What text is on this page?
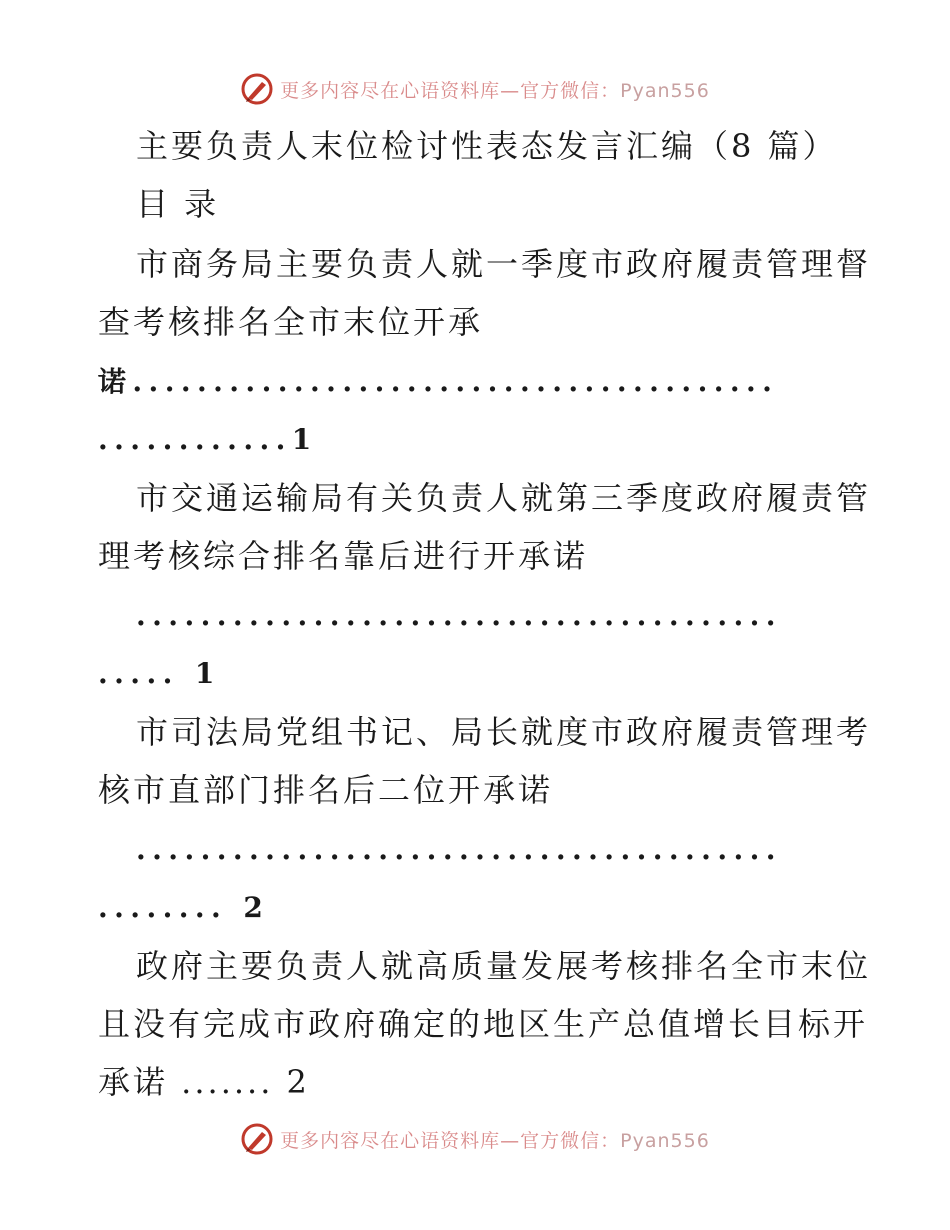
更多内容尽在心语资料库—官方微信：Pyan556
主要负责人末位检讨性表态发言汇编（8 篇）
目 录
市商务局主要负责人就一季度市政府履责管理督
查考核排名全市末位开承
诺........................................
............1
市交通运输局有关负责人就第三季度政府履责管
理考核综合排名靠后进行开承诺
........................................
..... 1
市司法局党组书记、局长就度市政府履责管理考
核市直部门排名后二位开承诺
........................................
........ 2
政府主要负责人就高质量发展考核排名全市末位
且没有完成市政府确定的地区生产总值增长目标开
承诺 ....... 2
更多内容尽在心语资料库—官方微信：Pyan556
